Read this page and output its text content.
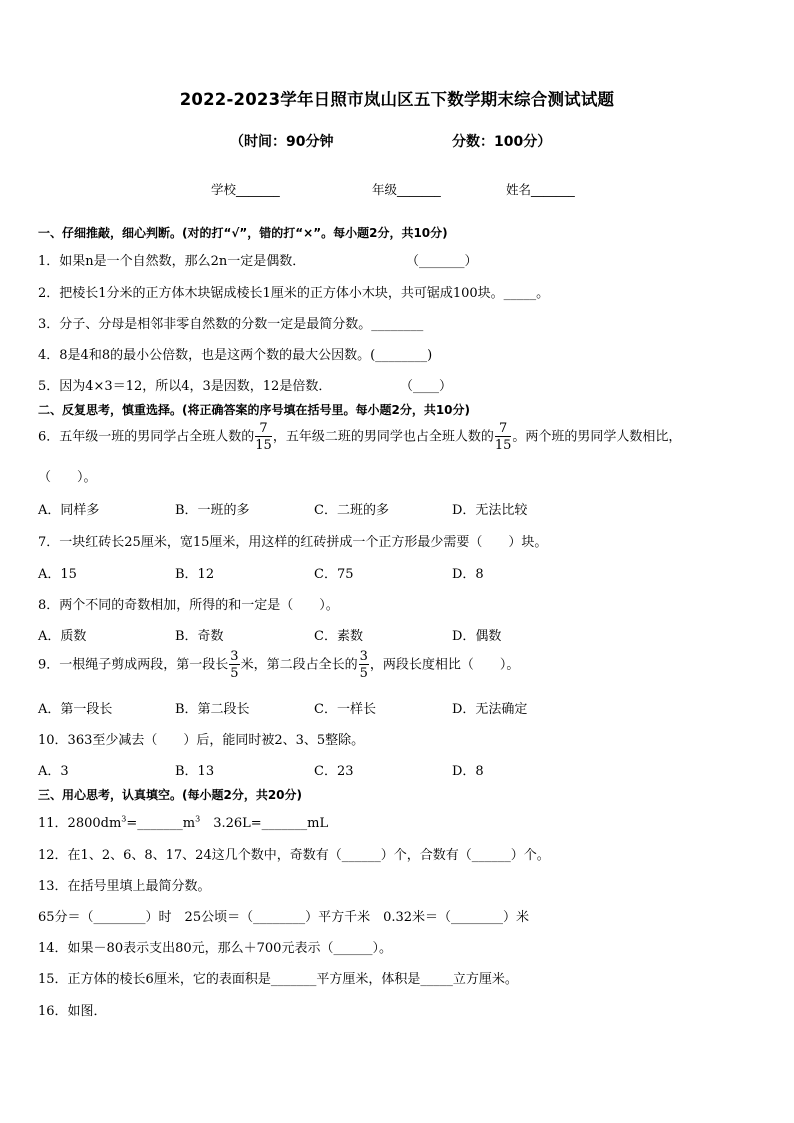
2022-2023学年日照市岚山区五下数学期末综合测试试题
（时间：90分钟	分数：100分）
学校_______	年级_______	姓名_______
一、仔细推敲，细心判断。(对的打“√”，错的打“×”。每小题2分，共10分)
1．如果n是一个自然数，那么2n一定是偶数．	（_______）
2．把棱长1分米的正方体木块锯成棱长1厘米的正方体小木块，共可锯成100块。_____。
3．分子、分母是相邻非零自然数的分数一定是最简分数。________
4．8是4和8的最小公倍数，也是这两个数的最大公因数。(________)
5．因为4×3＝12，所以4，3是因数，12是倍数．	（____）
二、反复思考，慎重选择。(将正确答案的序号填在括号里。每小题2分，共10分)
6．五年级一班的男同学占全班人数的 $\frac{7}{15}$ ，五年级二班的男同学也占全班人数的 $\frac{7}{15}$ 。两个班的男同学人数相比，
（　　）。
A．同样多	B．一班的多	C．二班的多	D．无法比较
7．一块红砖长25厘米，宽15厘米，用这样的红砖拼成一个正方形最少需要（　　）块。
A．15	B．12	C．75	D．8
8．两个不同的奇数相加，所得的和一定是（　　）。
A．质数	B．奇数	C．素数	D．偶数
9．一根绳子剪成两段，第一段长 $\frac{3}{5}$ 米，第二段占全长的 $\frac{3}{5}$ ，两段长度相比（　　）。
A．第一段长	B．第二段长	C．一样长	D．无法确定
10．363至少减去（　　）后，能同时被2、3、5整除。
A．3	B．13	C．23	D．8
三、用心思考，认真填空。(每小题2分，共20分)
11．$2800dm^3=\_\_\_\_\_\_\_m^3$　3.26L=_______mL
12．在1、2、6、8、17、24这几个数中，奇数有（______）个，合数有（______）个。
13．在括号里填上最简分数。
65分＝（________）时　25公顷＝（________）平方千米　0.32米＝（________）米
14．如果－80表示支出80元，那么＋700元表示（______）。
15．正方体的棱长6厘米，它的表面积是_______平方厘米，体积是_____立方厘米。
16．如图．
